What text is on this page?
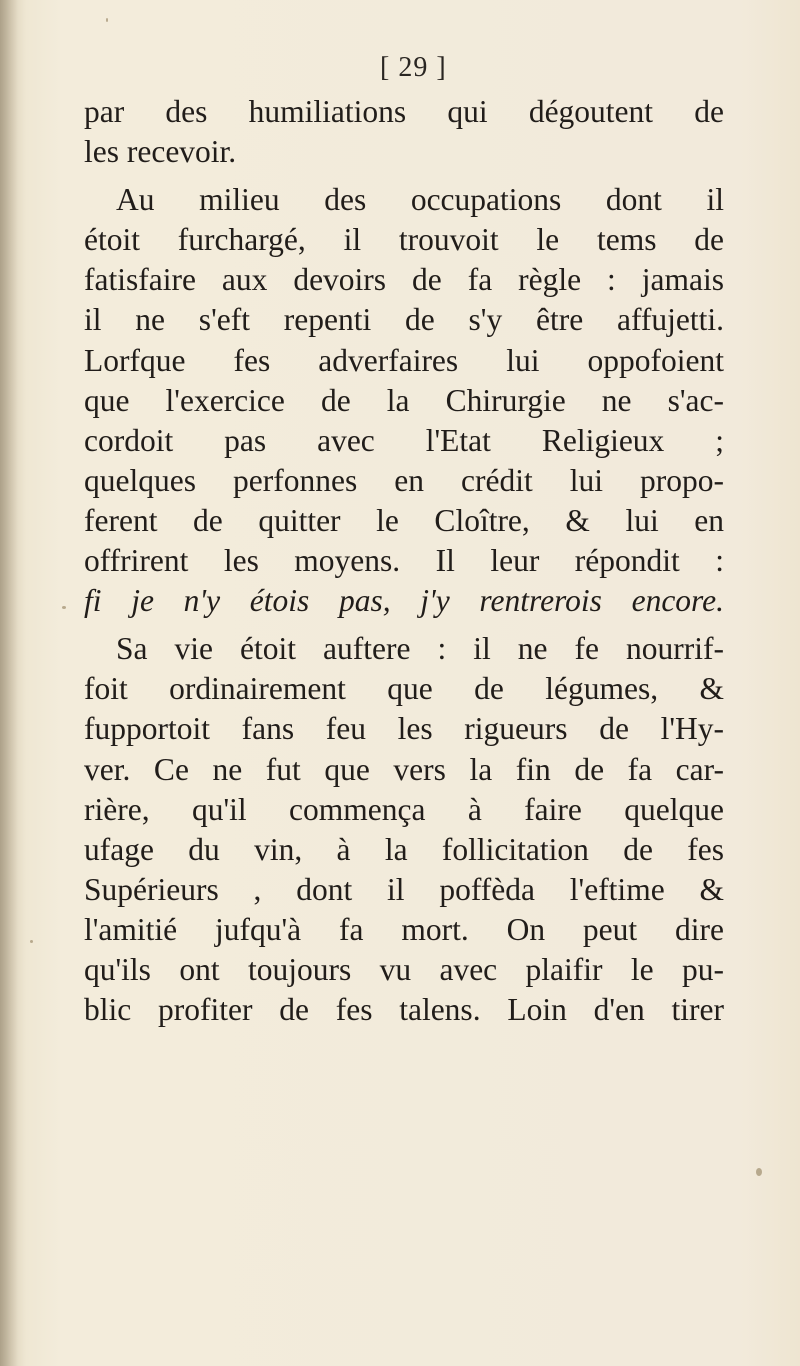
[ 29 ]
par des humiliations qui dégoutent de
les recevoir.
Au milieu des occupations dont il
étoit furchargé, il trouvoit le tems de
fatisfaire aux devoirs de fa règle : jamais
il ne s'eft repenti de s'y être affujetti.
Lorfque fes adverfaires lui oppofoient
que l'exercice de la Chirurgie ne s'ac-
cordoit pas avec l'Etat Religieux ;
quelques perfonnes en crédit lui propo-
ferent de quitter le Cloître, & lui en
offrirent les moyens. Il leur répondit :
fi je n'y étois pas, j'y rentrerois encore.
Sa vie étoit auftere : il ne fe nourrif-
foit ordinairement que de légumes, &
fupportoit fans feu les rigueurs de l'Hy-
ver. Ce ne fut que vers la fin de fa car-
rière, qu'il commença à faire quelque
ufage du vin, à la follicitation de fes
Supérieurs , dont il poffèda l'eftime &
l'amitié jufqu'à fa mort. On peut dire
qu'ils ont toujours vu avec plaifir le pu-
blic profiter de fes talens. Loin d'en tirer
